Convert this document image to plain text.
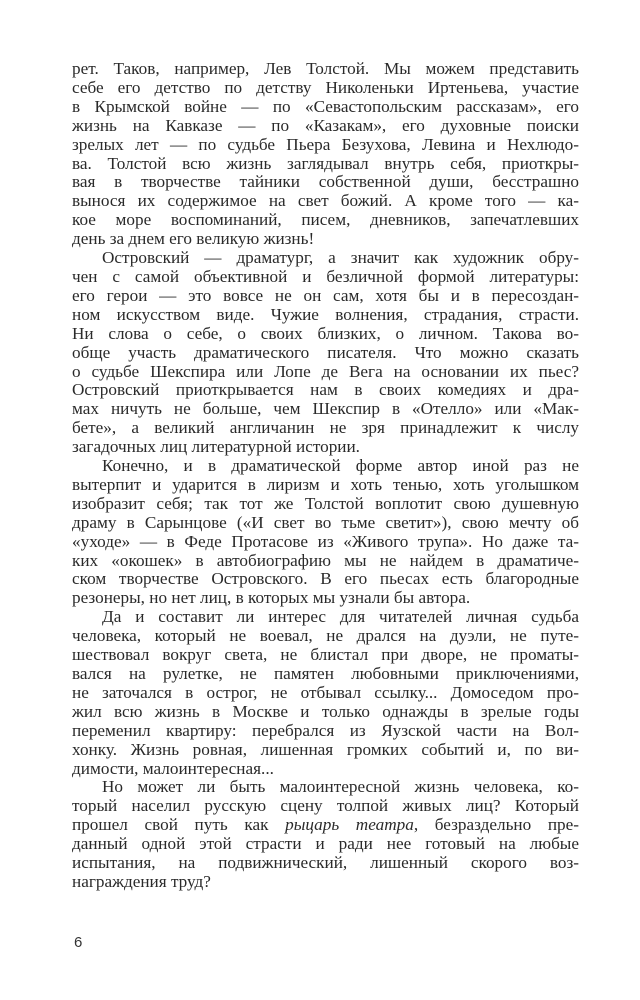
рет. Таков, например, Лев Толстой. Мы можем представить
себе его детство по детству Николеньки Иртеньева, участие
в Крымской войне — по «Севастопольским рассказам», его
жизнь на Кавказе — по «Казакам», его духовные поиски
зрелых лет — по судьбе Пьера Безухова, Левина и Нехлюдо-
ва. Толстой всю жизнь заглядывал внутрь себя, приоткры-
вая в творчестве тайники собственной души, бесстрашно
вынося их содержимое на свет божий. А кроме того — ка-
кое море воспоминаний, писем, дневников, запечатлевших
день за днем его великую жизнь!
Островский — драматург, а значит как художник обру-
чен с самой объективной и безличной формой литературы:
его герои — это вовсе не он сам, хотя бы и в пересоздан-
ном искусством виде. Чужие волнения, страдания, страсти.
Ни слова о себе, о своих близких, о личном. Такова во-
обще участь драматического писателя. Что можно сказать
о судьбе Шекспира или Лопе де Вега на основании их пьес?
Островский приоткрывается нам в своих комедиях и дра-
мах ничуть не больше, чем Шекспир в «Отелло» или «Мак-
бете», а великий англичанин не зря принадлежит к числу
загадочных лиц литературной истории.
Конечно, и в драматической форме автор иной раз не
вытерпит и ударится в лиризм и хоть тенью, хоть уголышком
изобразит себя; так тот же Толстой воплотит свою душевную
драму в Сарынцове («И свет во тьме светит»), свою мечту об
«уходе» — в Феде Протасове из «Живого трупа». Но даже та-
ких «окошек» в автобиографию мы не найдем в драматиче-
ском творчестве Островского. В его пьесах есть благородные
резонеры, но нет лиц, в которых мы узнали бы автора.
Да и составит ли интерес для читателей личная судьба
человека, который не воевал, не дрался на дуэли, не путе-
шествовал вокруг света, не блистал при дворе, не проматы-
вался на рулетке, не памятен любовными приключениями,
не заточался в острог, не отбывал ссылку... Домоседом про-
жил всю жизнь в Москве и только однажды в зрелые годы
переменил квартиру: перебрался из Яузской части на Вол-
хонку. Жизнь ровная, лишенная громких событий и, по ви-
димости, малоинтересная...
Но может ли быть малоинтересной жизнь человека, ко-
торый населил русскую сцену толпой живых лиц? Который
прошел свой путь как рыцарь театра, безраздельно пре-
данный одной этой страсти и ради нее готовый на любые
испытания, на подвижнический, лишенный скорого воз-
награждения труд?
6
